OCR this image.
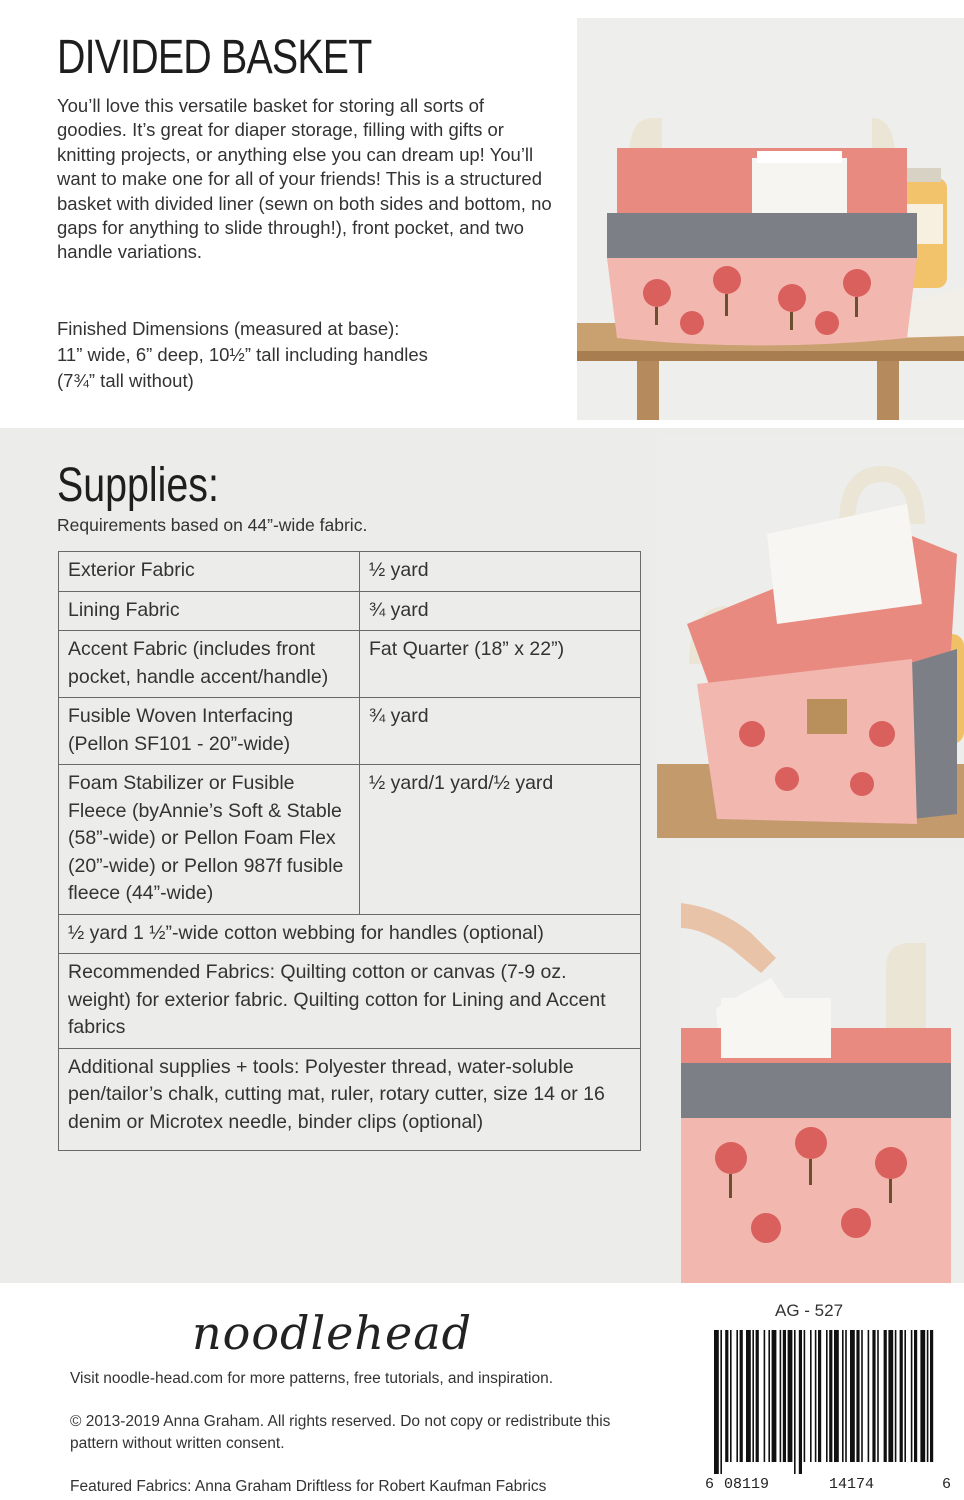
DIVIDED BASKET

You’ll love this versatile basket for storing all sorts of goodies. It’s great for diaper storage, filling with gifts or knitting projects, or anything else you can dream up! You’ll want to make one for all of your friends! This is a structured basket with divided liner (sewn on both sides and bottom, no gaps for anything to slide through!), front pocket, and two handle variations.

Finished Dimensions (measured at base):
11” wide, 6” deep, 10½” tall including handles
(7¾” tall without)
Supplies:

Requirements based on 44”-wide fabric.

Exterior Fabric	½ yard
Lining Fabric	¾ yard
Accent Fabric (includes front pocket, handle accent/handle)	Fat Quarter (18” x 22”)
Fusible Woven Interfacing (Pellon SF101 - 20”-wide)	¾ yard
Foam Stabilizer or Fusible Fleece (byAnnie’s Soft & Stable (58”-wide) or Pellon Foam Flex (20”-wide) or Pellon 987f fusible fleece (44”-wide)	½ yard/1 yard/½ yard
½ yard 1 ½”-wide cotton webbing for handles (optional)	
Recommended Fabrics: Quilting cotton or canvas (7-9 oz. weight) for exterior fabric. Quilting cotton for Lining and Accent fabrics	
Additional supplies + tools: Polyester thread, water-soluble pen/tailor’s chalk, cutting mat, ruler, rotary cutter, size 14 or 16 denim or Microtex needle, binder clips (optional)	
noodlehead

Visit noodle-head.com for more patterns, free tutorials, and inspiration.

© 2013-2019 Anna Graham. All rights reserved. Do not copy or redistribute this pattern without written consent.

Featured Fabrics: Anna Graham Driftless for Robert Kaufman Fabrics

AG - 527
6 08119	14174	6
